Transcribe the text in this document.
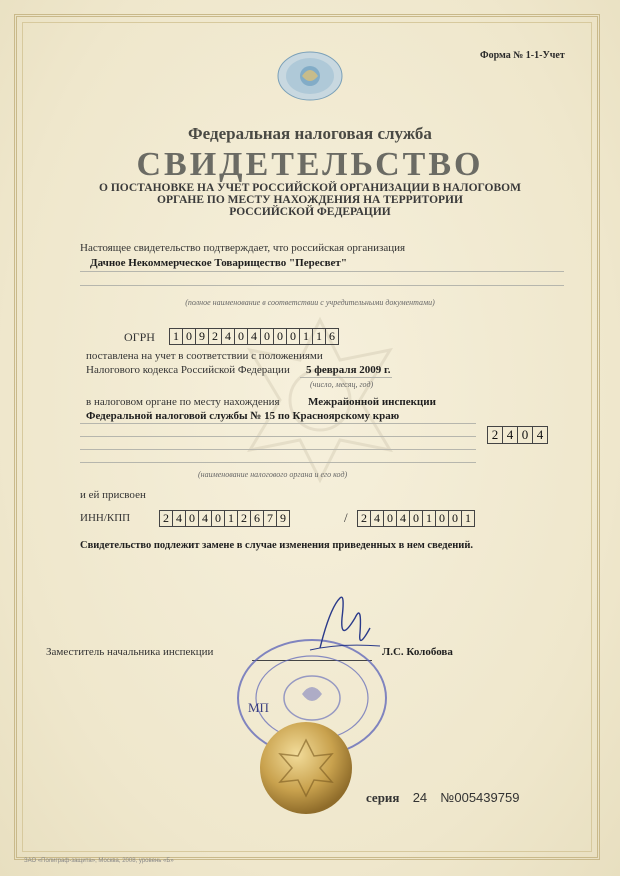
Форма № 1-1-Учет
Федеральная налоговая служба
СВИДЕТЕЛЬСТВО
О ПОСТАНОВКЕ НА УЧЕТ РОССИЙСКОЙ ОРГАНИЗАЦИИ В НАЛОГОВОМ
ОРГАНЕ ПО МЕСТУ НАХОЖДЕНИЯ НА ТЕРРИТОРИИ
РОССИЙСКОЙ ФЕДЕРАЦИИ
Настоящее свидетельство подтверждает, что российская организация
Дачное Некоммерческое Товарищество "Пересвет"
(полное наименование в соответствии с учредительными документами)
ОГРН	1 0 9 2 4 0 4 0 0 0 1 1 6
поставлена на учет в соответствии с положениями
Налогового кодекса Российской Федерации 5 февраля 2009 г.
(число, месяц, год)
в налоговом органе по месту нахождения	Межрайонной инспекции
Федеральной налоговой службы № 15 по Красноярскому краю
2 4 0 4
(наименование налогового органа и его код)
и ей присвоен
ИНН/КПП	2 4 0 4 0 1 2 6 7 9	/	2 4 0 4 0 1 0 0 1
Свидетельство подлежит замене в случае изменения приведенных в нем сведений.
Заместитель начальника инспекции	Л.С. Колобова
МП
серия 24 №005439759
ЗАО «Полиграф-защита», Москва, 2008, уровень «Б»
